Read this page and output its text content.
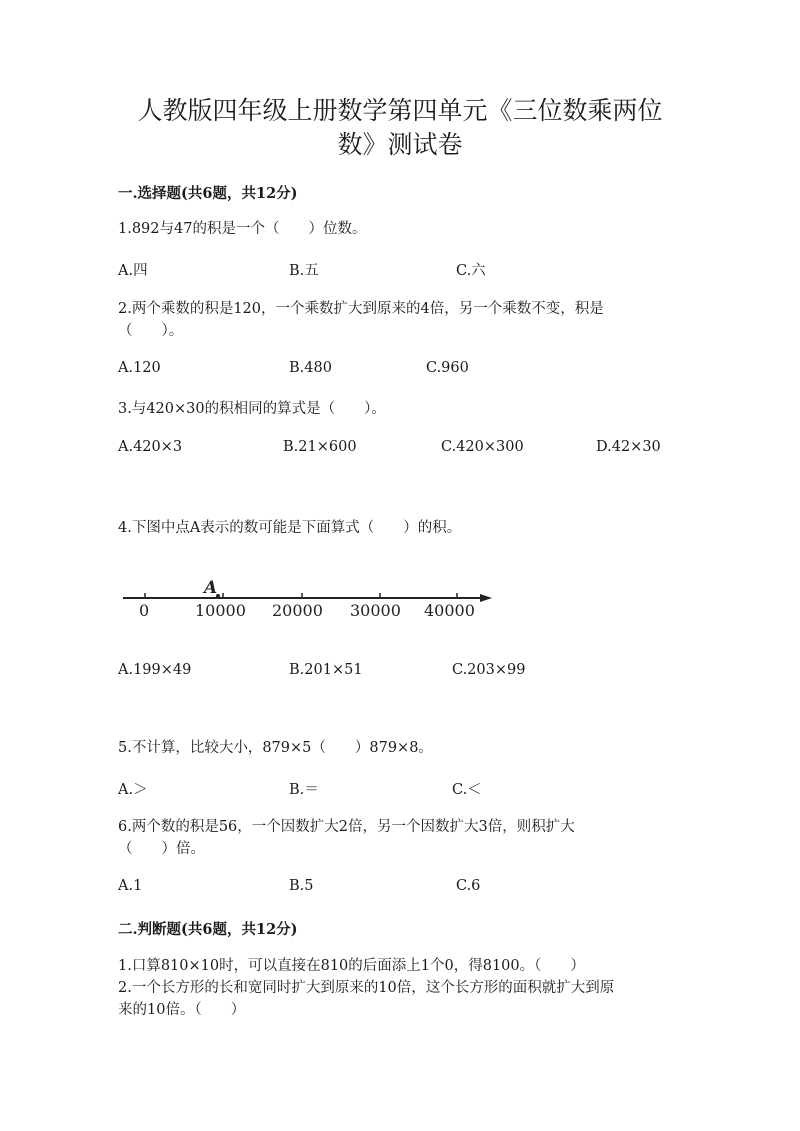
人教版四年级上册数学第四单元《三位数乘两位
数》测试卷
一.选择题(共6题，共12分)
1.892与47的积是一个（　　）位数。
A.四	B.五	C.六
2.两个乘数的积是120，一个乘数扩大到原来的4倍，另一个乘数不变，积是
（　　）。
A.120	B.480	C.960
3.与420×30的积相同的算式是（　　）。
A.420×3	B.21×600	C.420×300	D.42×30
4.下图中点A表示的数可能是下面算式（　　）的积。
A
0	10000 20000 30000 40000
A.199×49	B.201×51	C.203×99
5.不计算，比较大小，879×5（　　）879×8。
A.＞	B.＝	C.＜
6.两个数的积是56，一个因数扩大2倍，另一个因数扩大3倍，则积扩大
（　　）倍。
A.1	B.5	C.6
二.判断题(共6题，共12分)
1.口算810×10时，可以直接在810的后面添上1个0，得8100。（　　）
2.一个长方形的长和宽同时扩大到原来的10倍，这个长方形的面积就扩大到原
来的10倍。（　　）
